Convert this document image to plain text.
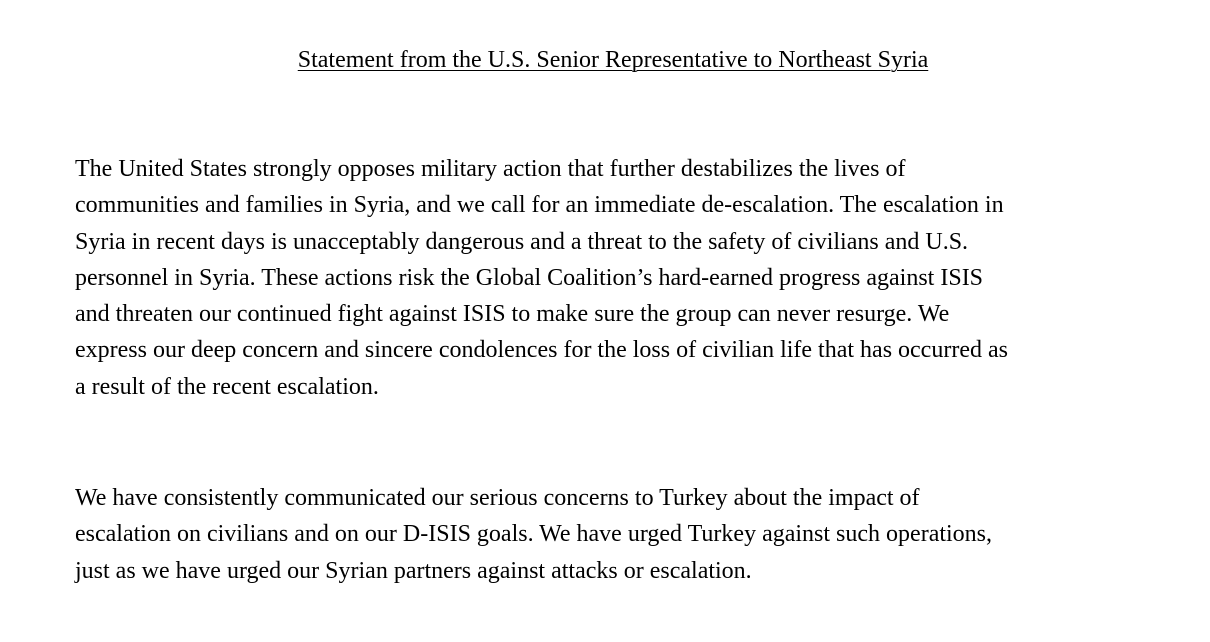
Statement from the U.S. Senior Representative to Northeast Syria
The United States strongly opposes military action that further destabilizes the lives of
communities and families in Syria, and we call for an immediate de-escalation. The escalation in
Syria in recent days is unacceptably dangerous and a threat to the safety of civilians and U.S.
personnel in Syria. These actions risk the Global Coalition’s hard-earned progress against ISIS
and threaten our continued fight against ISIS to make sure the group can never resurge. We
express our deep concern and sincere condolences for the loss of civilian life that has occurred as
a result of the recent escalation.
We have consistently communicated our serious concerns to Turkey about the impact of
escalation on civilians and on our D-ISIS goals. We have urged Turkey against such operations,
just as we have urged our Syrian partners against attacks or escalation.
